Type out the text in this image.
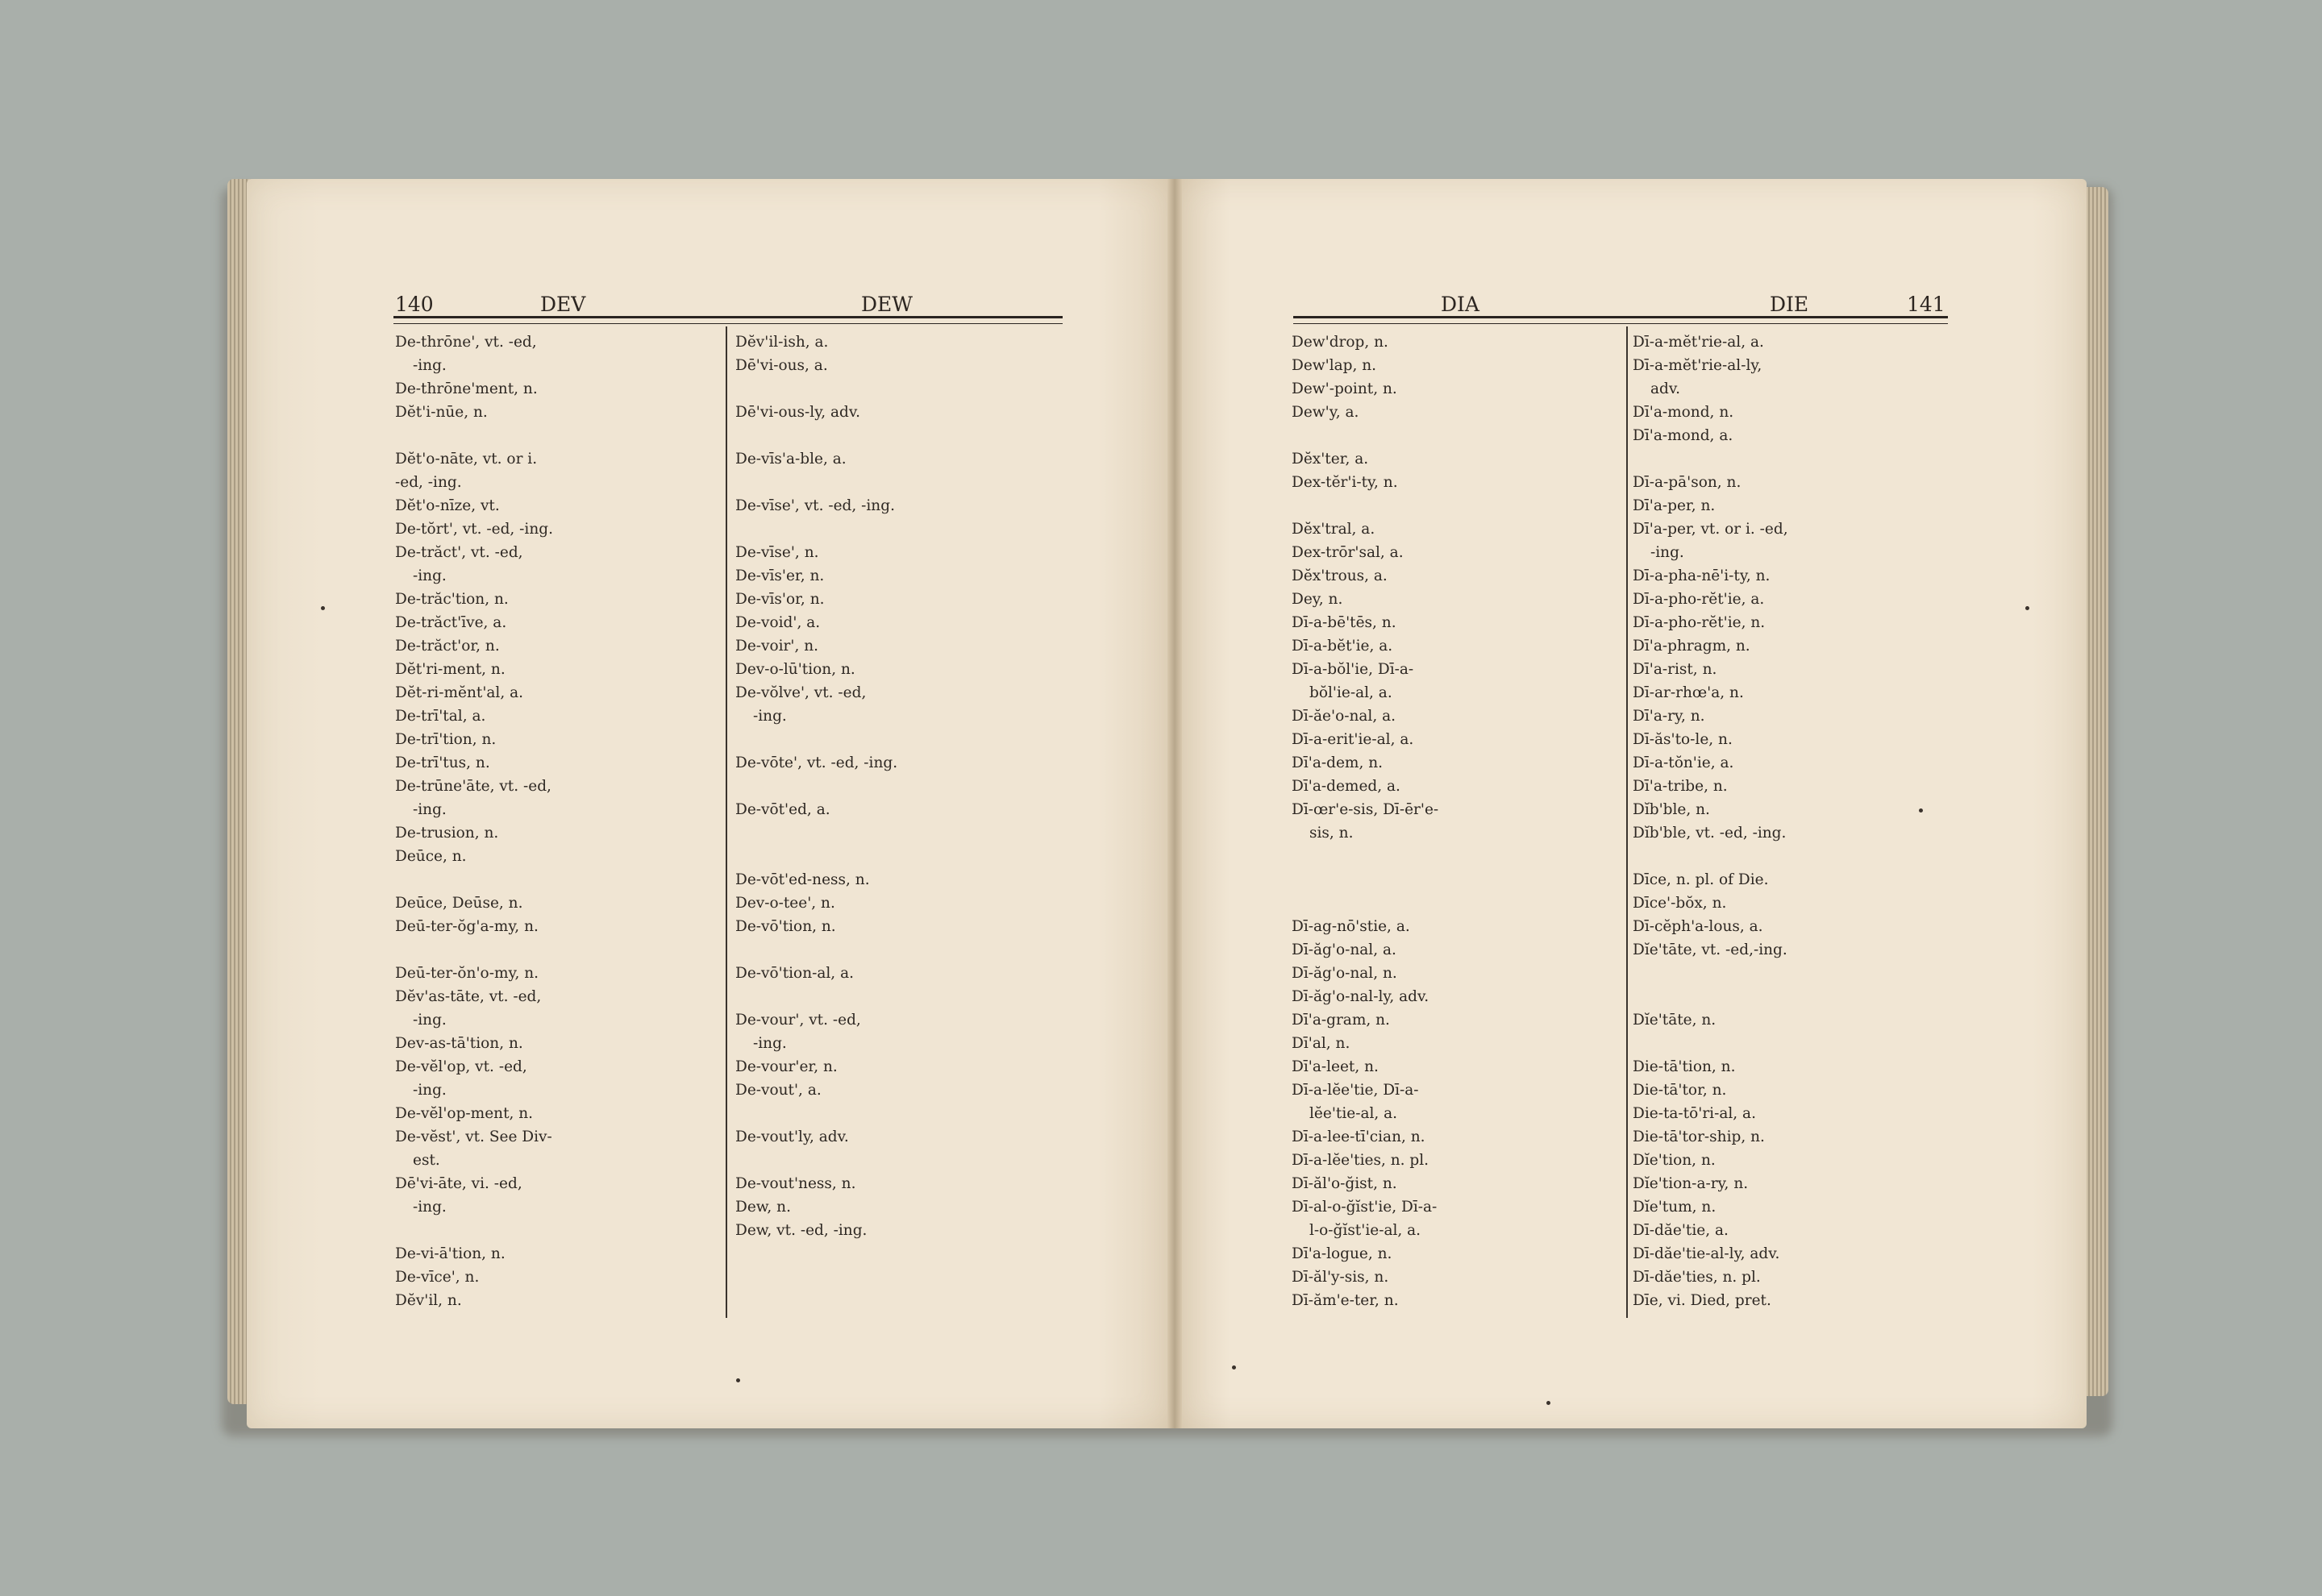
140	DEV	DEW	DIA	DIE	141
De-thrōne', vt. -ed,
-ing.
De-thrōne'ment, n.
Dĕt'i-nūe, n.

Dĕt'o-nāte, vt. or i.
-ed, -ing.
Dĕt'o-nīze, vt.
De-tŏrt', vt. -ed, -ing.
De-trăct', vt. -ed,
-ing.
De-trăc'tion, n.
De-trăct'īve, a.
De-trăct'or, n.
Dĕt'ri-ment, n.
Dĕt-ri-mĕnt'al, a.
De-trī'tal, a.
De-trī'tion, n.
De-trī'tus, n.
De-trūne'āte, vt. -ed,
-ing.
De-trusion, n.
Deūce, n.

Deūce, Deūse, n.
Deū-ter-ŏg'a-my, n.

Deū-ter-ŏn'o-my, n.
Dĕv'as-tāte, vt. -ed,
-ing.
Dev-as-tā'tion, n.
De-vĕl'op, vt. -ed,
-ing.
De-vĕl'op-ment, n.
De-vĕst', vt. See Div-
est.
Dē'vi-āte, vi. -ed,
-ing.

De-vi-ā'tion, n.
De-vīce', n.
Dĕv'il, n.
Dĕv'il-ish, a.
Dē'vi-ous, a.

Dē'vi-ous-ly, adv.

De-vīs'a-ble, a.

De-vīse', vt. -ed, -ing.

De-vīse', n.
De-vīs'er, n.
De-vīs'or, n.
De-void', a.
De-voir', n.
Dev-o-lū'tion, n.
De-vŏlve', vt. -ed,
-ing.

De-vōte', vt. -ed, -ing.

De-vōt'ed, a.

De-vōt'ed-ness, n.
Dev-o-tee', n.
De-vō'tion, n.

De-vō'tion-al, a.

De-vour', vt. -ed,
-ing.
De-vour'er, n.
De-vout', a.

De-vout'ly, adv.

De-vout'ness, n.
Dew, n.
Dew, vt. -ed, -ing.
Dew'drop, n.
Dew'lap, n.
Dew'-point, n.
Dew'y, a.

Dĕx'ter, a.
Dex-tĕr'i-ty, n.

Dĕx'tral, a.
Dex-trōr'sal, a.
Dĕx'trous, a.
Dey, n.
Dī-a-bē'tēs, n.
Dī-a-bĕt'ie, a.
Dī-a-bŏl'ie, Dī-a-
bŏl'ie-al, a.
Dī-ăe'o-nal, a.
Dī-a-erit'ie-al, a.
Dī'a-dem, n.
Dī'a-demed, a.
Dī-œr'e-sis, Dī-ēr'e-
sis, n.

Dī-ag-nō'stie, a.
Dī-ăg'o-nal, a.
Dī-ăg'o-nal, n.
Dī-ăg'o-nal-ly, adv.
Dī'a-gram, n.
Dī'al, n.
Dī'a-leet, n.
Dī-a-lĕe'tie, Dī-a-
lĕe'tie-al, a.
Dī-a-lee-tī'cian, n.
Dī-a-lĕe'ties, n. pl.
Dī-ăl'o-ğist, n.
Dī-al-o-ğĭst'ie, Dī-a-
l-o-ğĭst'ie-al, a.
Dī'a-logue, n.
Dī-ăl'y-sis, n.
Dī-ăm'e-ter, n.
Dī-a-mĕt'rie-al, a.
Dī-a-mĕt'rie-al-ly,
adv.
Dī'a-mond, n.
Dī'a-mond, a.

Dī-a-pā'son, n.
Dī'a-per, n.
Dī'a-per, vt. or i. -ed,
-ing.
Dī-a-pha-nē'i-ty, n.
Dī-a-pho-rĕt'ie, a.
Dī-a-pho-rĕt'ie, n.
Dī'a-phragm, n.
Dī'a-rist, n.
Dī-ar-rhœ'a, n.
Dī'a-ry, n.
Dī-ăs'to-le, n.
Dī-a-tŏn'ie, a.
Dī'a-tribe, n.
Dĭb'ble, n.
Dĭb'ble, vt. -ed, -ing.

Dīce, n. pl. of Die.
Dīce'-bŏx, n.
Dī-cĕph'a-lous, a.
Dĭe'tāte, vt. -ed,-ing.

Dĭe'tāte, n.

Die-tā'tion, n.
Die-tā'tor, n.
Die-ta-tō'ri-al, a.
Die-tā'tor-ship, n.
Dĭe'tion, n.
Dĭe'tion-a-ry, n.
Dĭe'tum, n.
Dī-dăe'tie, a.
Dī-dăe'tie-al-ly, adv.
Dī-dăe'ties, n. pl.
Dīe, vi. Died, pret.
